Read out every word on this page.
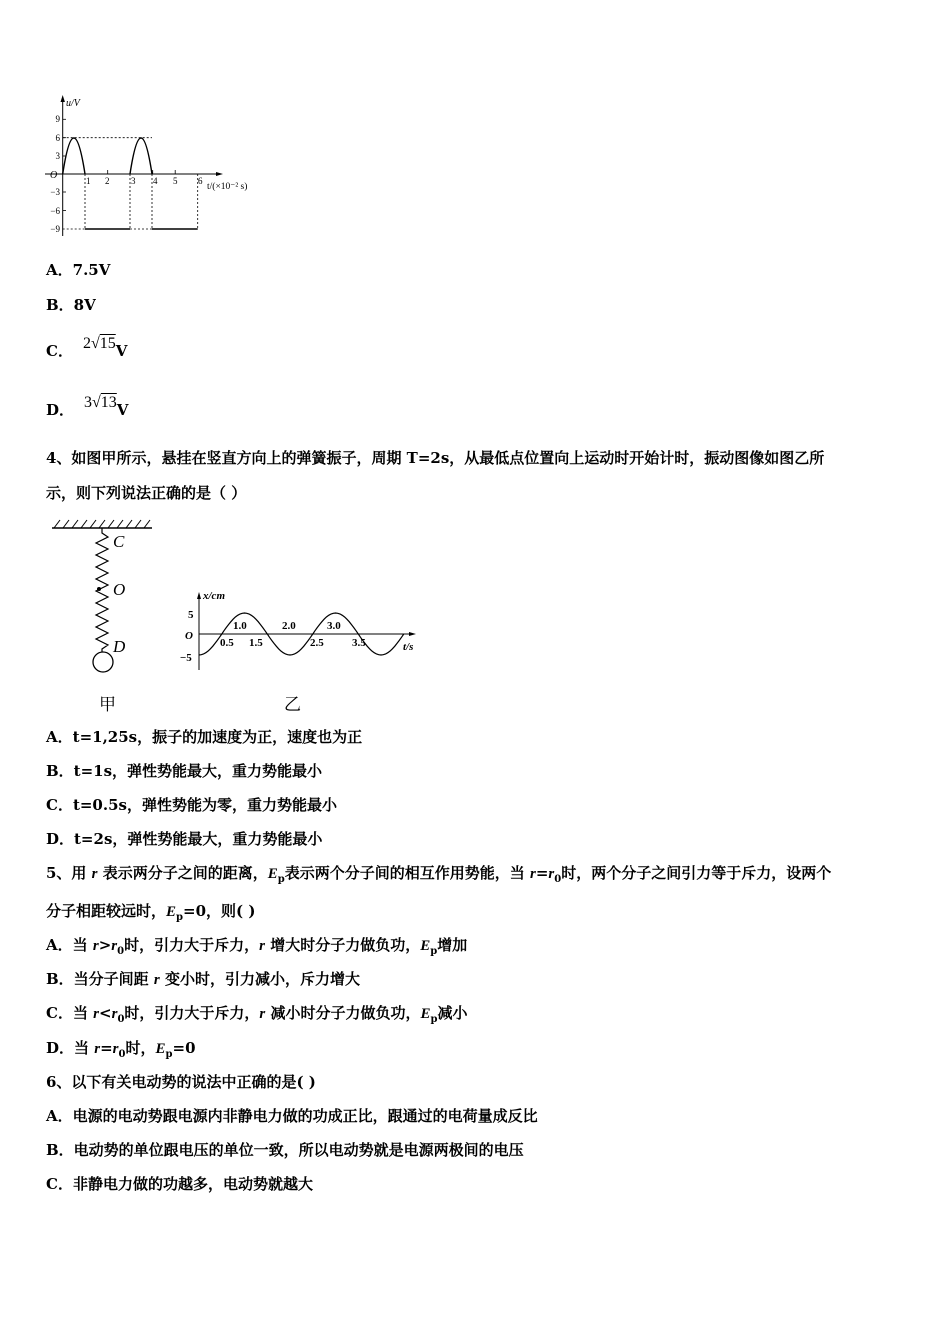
u/V
O
9
6
3
−3
−6
−9
1 2 3 4 5 6
t/(×10⁻² s)
A．7.5V
B．8V
C． 2√15V
D． 3√13V
4、如图甲所示，悬挂在竖直方向上的弹簧振子，周期 T=2s，从最低点位置向上运动时开始计时，振动图像如图乙所
示，则下列说法正确的是（ ）
C
O
D
甲
x/cm
O
5
−5
1.0	2.0	3.0
0.5 1.5	2.5	3.5	t/s
乙
A．t=1,25s，振子的加速度为正，速度也为正
B．t=1s，弹性势能最大，重力势能最小
C．t=0.5s，弹性势能为零，重力势能最小
D．t=2s，弹性势能最大，重力势能最小
5、用 r 表示两分子之间的距离，$E_p$表示两个分子间的相互作用势能，当 $r=r_0$时，两个分子之间引力等于斥力，设两个
分子相距较远时，$E_p=0$，则( )
A．当 $r>r_0$时，引力大于斥力，r 增大时分子力做负功，$E_p$增加
B．当分子间距 r 变小时，引力减小，斥力增大
C．当 $r<r_0$时，引力大于斥力，r 减小时分子力做负功，$E_p$减小
D．当 $r=r_0$时，$E_p=0$
6、以下有关电动势的说法中正确的是( )
A．电源的电动势跟电源内非静电力做的功成正比，跟通过的电荷量成反比
B．电动势的单位跟电压的单位一致，所以电动势就是电源两极间的电压
C．非静电力做的功越多，电动势就越大
